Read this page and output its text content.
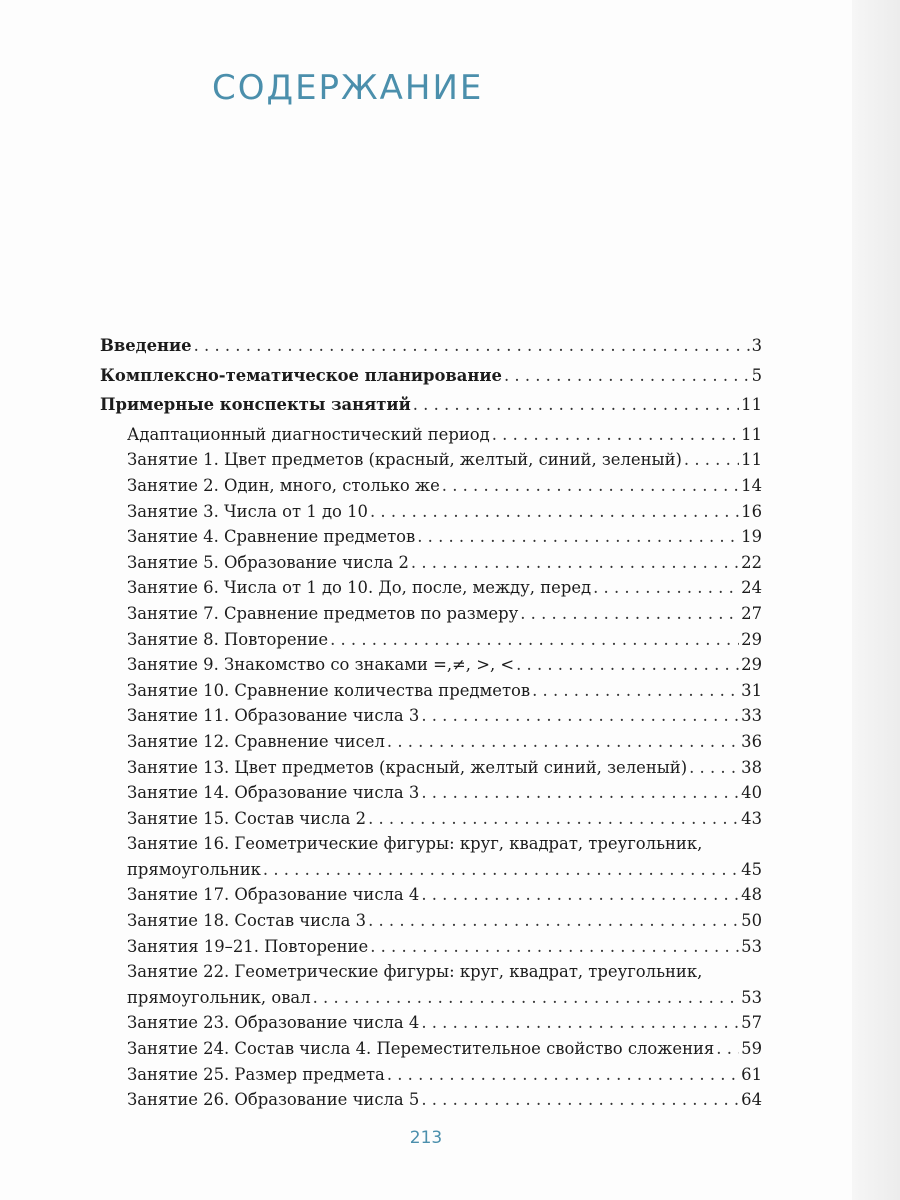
СОДЕРЖАНИЕ
Введение . . .	3
Комплексно-тематическое планирование . . .	5
Примерные конспекты занятий . . .	11
Адаптационный диагностический период . . .	11
Занятие 1. Цвет предметов (красный, желтый, синий, зеленый) . . .	11
Занятие 2. Один, много, столько же . . .	14
Занятие 3. Числа от 1 до 10 . . .	16
Занятие 4. Сравнение предметов . . .	19
Занятие 5. Образование числа 2 . . .	22
Занятие 6. Числа от 1 до 10. До, после, между, перед . . .	24
Занятие 7. Сравнение предметов по размеру . . .	27
Занятие 8. Повторение . . .	29
Занятие 9. Знакомство со знаками =,≠, >, < . . .	29
Занятие 10. Сравнение количества предметов . . .	31
Занятие 11. Образование числа 3 . . .	33
Занятие 12. Сравнение чисел . . .	36
Занятие 13. Цвет предметов (красный, желтый синий, зеленый) . . .	38
Занятие 14. Образование числа 3 . . .	40
Занятие 15. Состав числа 2 . . .	43
Занятие 16. Геометрические фигуры: круг, квадрат, треугольник,
прямоугольник . . .	45
Занятие 17. Образование числа 4 . . .	48
Занятие 18. Состав числа 3 . . .	50
Занятия 19–21. Повторение . . .	53
Занятие 22. Геометрические фигуры: круг, квадрат, треугольник,
прямоугольник, овал . . .	53
Занятие 23. Образование числа 4 . . .	57
Занятие 24. Состав числа 4. Переместительное свойство сложения . . . 59
Занятие 25. Размер предмета . . .	61
Занятие 26. Образование числа 5 . . .	64
213
